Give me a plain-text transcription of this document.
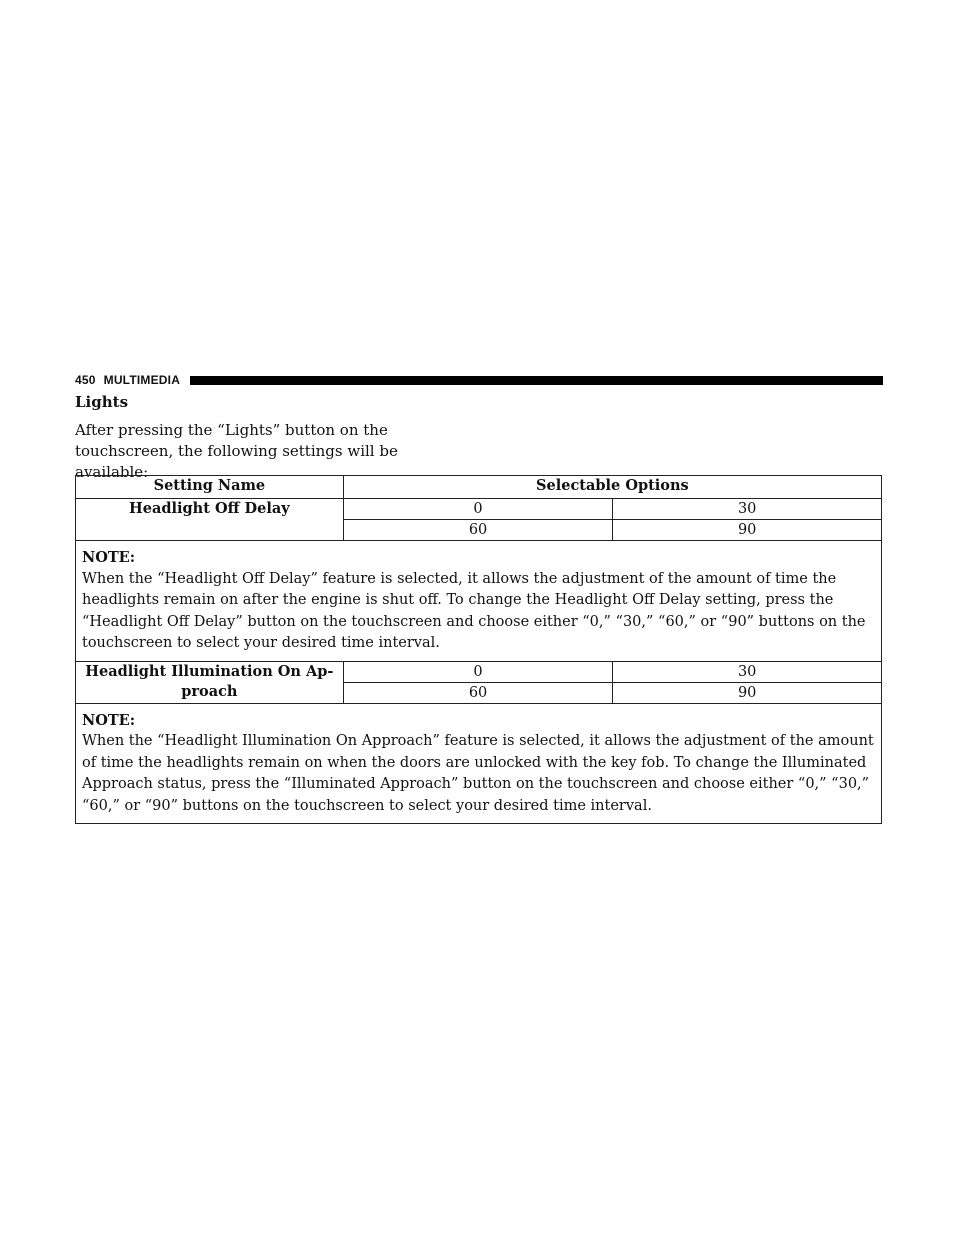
450 MULTIMEDIA
Lights
After pressing the “Lights” button on the touchscreen, the following settings will be available:
Setting Name	Selectable Options	
Headlight Off Delay	0	30
	60	90

NOTE:
When the “Headlight Off Delay” feature is selected, it allows the adjustment of the amount of time the headlights remain on after the engine is shut off. To change the Headlight Off Delay setting, press the “Headlight Off Delay” button on the touchscreen and choose either “0,” “30,” “60,” or “90” buttons on the touchscreen to select your desired time interval.		
Headlight Illumination On Ap-
proach	0	30
	60	90

NOTE:
When the “Headlight Illumination On Approach” feature is selected, it allows the adjustment of the amount of time the headlights remain on when the doors are unlocked with the key fob. To change the Illuminated Approach status, press the “Illuminated Approach” button on the touchscreen and choose either “0,” “30,” “60,” or “90” buttons on the touchscreen to select your desired time interval.		
